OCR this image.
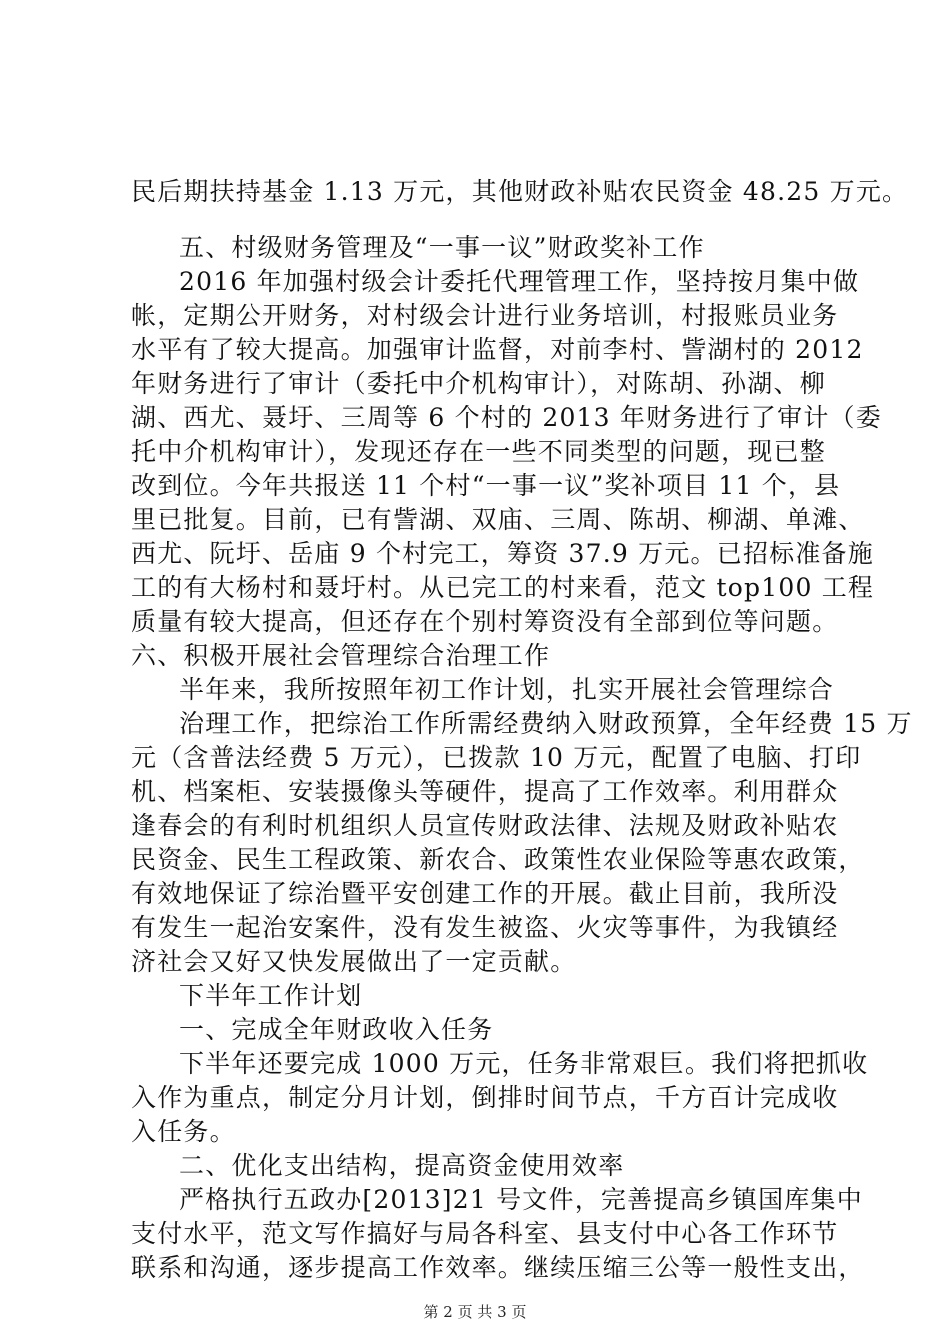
民后期扶持基金 1.13 万元，其他财政补贴农民资金 48.25 万元。
五、村级财务管理及“一事一议”财政奖补工作
2016 年加强村级会计委托代理管理工作，坚持按月集中做
帐，定期公开财务，对村级会计进行业务培训，村报账员业务
水平有了较大提高。加强审计监督，对前李村、訾湖村的 2012
年财务进行了审计（委托中介机构审计），对陈胡、孙湖、柳
湖、西尤、聂圩、三周等 6 个村的 2013 年财务进行了审计（委
托中介机构审计），发现还存在一些不同类型的问题，现已整
改到位。今年共报送 11 个村“一事一议”奖补项目 11 个，县
里已批复。目前，已有訾湖、双庙、三周、陈胡、柳湖、单滩、
西尤、阮圩、岳庙 9 个村完工，筹资 37.9 万元。已招标准备施
工的有大杨村和聂圩村。从已完工的村来看，范文 top100 工程
质量有较大提高，但还存在个别村筹资没有全部到位等问题。
六、积极开展社会管理综合治理工作
半年来，我所按照年初工作计划，扎实开展社会管理综合
治理工作，把综治工作所需经费纳入财政预算，全年经费 15 万
元（含普法经费 5 万元），已拨款 10 万元，配置了电脑、打印
机、档案柜、安装摄像头等硬件，提高了工作效率。利用群众
逢春会的有利时机组织人员宣传财政法律、法规及财政补贴农
民资金、民生工程政策、新农合、政策性农业保险等惠农政策，
有效地保证了综治暨平安创建工作的开展。截止目前，我所没
有发生一起治安案件，没有发生被盗、火灾等事件，为我镇经
济社会又好又快发展做出了一定贡献。
下半年工作计划
一、完成全年财政收入任务
下半年还要完成 1000 万元，任务非常艰巨。我们将把抓收
入作为重点，制定分月计划，倒排时间节点，千方百计完成收
入任务。
二、优化支出结构，提高资金使用效率
严格执行五政办[2013]21 号文件，完善提高乡镇国库集中
支付水平，范文写作搞好与局各科室、县支付中心各工作环节
联系和沟通，逐步提高工作效率。继续压缩三公等一般性支出，
第 2 页 共 3 页
